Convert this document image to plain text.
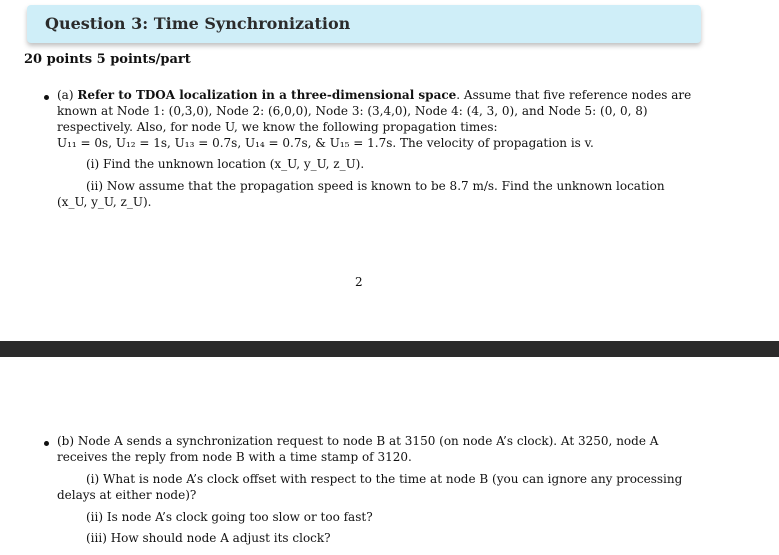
Question 3: Time Synchronization
20 points 5 points/part
(a) Refer to TDOA localization in a three-dimensional space. Assume that five reference nodes are
known at Node 1: (0,3,0), Node 2: (6,0,0), Node 3: (3,4,0), Node 4: (4, 3, 0), and Node 5: (0, 0, 8)
respectively. Also, for node U, we know the following propagation times:
U₁₁ = 0s, U₁₂ = 1s, U₁₃ = 0.7s, U₁₄ = 0.7s, & U₁₅ = 1.7s. The velocity of propagation is v.
(i) Find the unknown location (x_U, y_U, z_U).
(ii) Now assume that the propagation speed is known to be 8.7 m/s. Find the unknown location
(x_U, y_U, z_U).
2
(b) Node A sends a synchronization request to node B at 3150 (on node A’s clock). At 3250, node A
receives the reply from node B with a time stamp of 3120.
(i) What is node A’s clock offset with respect to the time at node B (you can ignore any processing
delays at either node)?
(ii) Is node A’s clock going too slow or too fast?
(iii) How should node A adjust its clock?
